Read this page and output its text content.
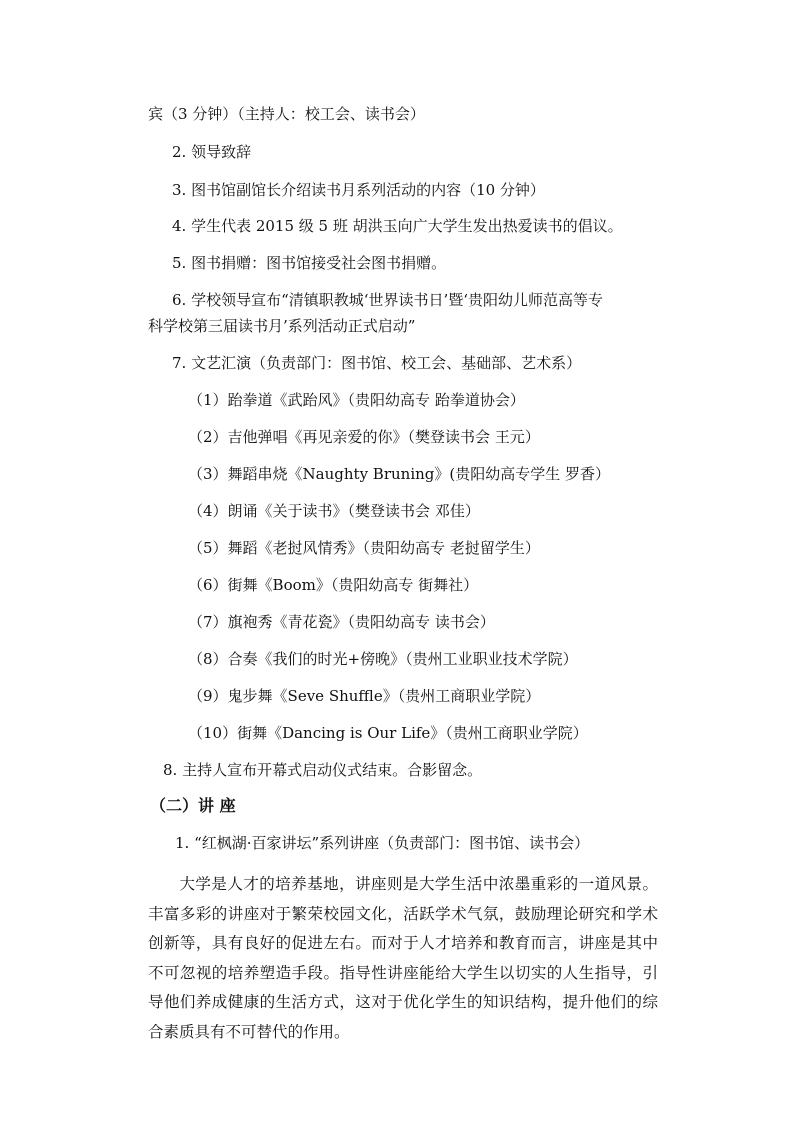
宾（3 分钟）（主持人：校工会、读书会）
2. 领导致辞
3. 图书馆副馆长介绍读书月系列活动的内容（10 分钟）
4. 学生代表 2015 级 5 班 胡洪玉向广大学生发出热爱读书的倡议。
5. 图书捐赠：图书馆接受社会图书捐赠。
6. 学校领导宣布“清镇职教城‘世界读书日’暨‘贵阳幼儿师范高等专
科学校第三届读书月’系列活动正式启动”
7. 文艺汇演（负责部门：图书馆、校工会、基础部、艺术系）
（1）跆拳道《武跆风》（贵阳幼高专 跆拳道协会）
（2）吉他弹唱《再见亲爱的你》（樊登读书会 王元）
（3）舞蹈串烧《Naughty Bruning》(贵阳幼高专学生 罗香）
（4）朗诵《关于读书》（樊登读书会 邓佳）
（5）舞蹈《老挝风情秀》（贵阳幼高专 老挝留学生）
（6）街舞《Boom》（贵阳幼高专 街舞社）
（7）旗袍秀《青花瓷》（贵阳幼高专 读书会）
（8）合奏《我们的时光+傍晚》（贵州工业职业技术学院）
（9）鬼步舞《Seve Shuffle》（贵州工商职业学院）
（10）街舞《Dancing is Our Life》（贵州工商职业学院）
8. 主持人宣布开幕式启动仪式结束。合影留念。
（二）讲 座
1. “红枫湖·百家讲坛”系列讲座（负责部门：图书馆、读书会）
大学是人才的培养基地，讲座则是大学生活中浓墨重彩的一道风景。丰富多彩的讲座对于繁荣校园文化，活跃学术气氛，鼓励理论研究和学术创新等，具有良好的促进左右。而对于人才培养和教育而言，讲座是其中不可忽视的培养塑造手段。指导性讲座能给大学生以切实的人生指导，引导他们养成健康的生活方式，这对于优化学生的知识结构，提升他们的综合素质具有不可替代的作用。
